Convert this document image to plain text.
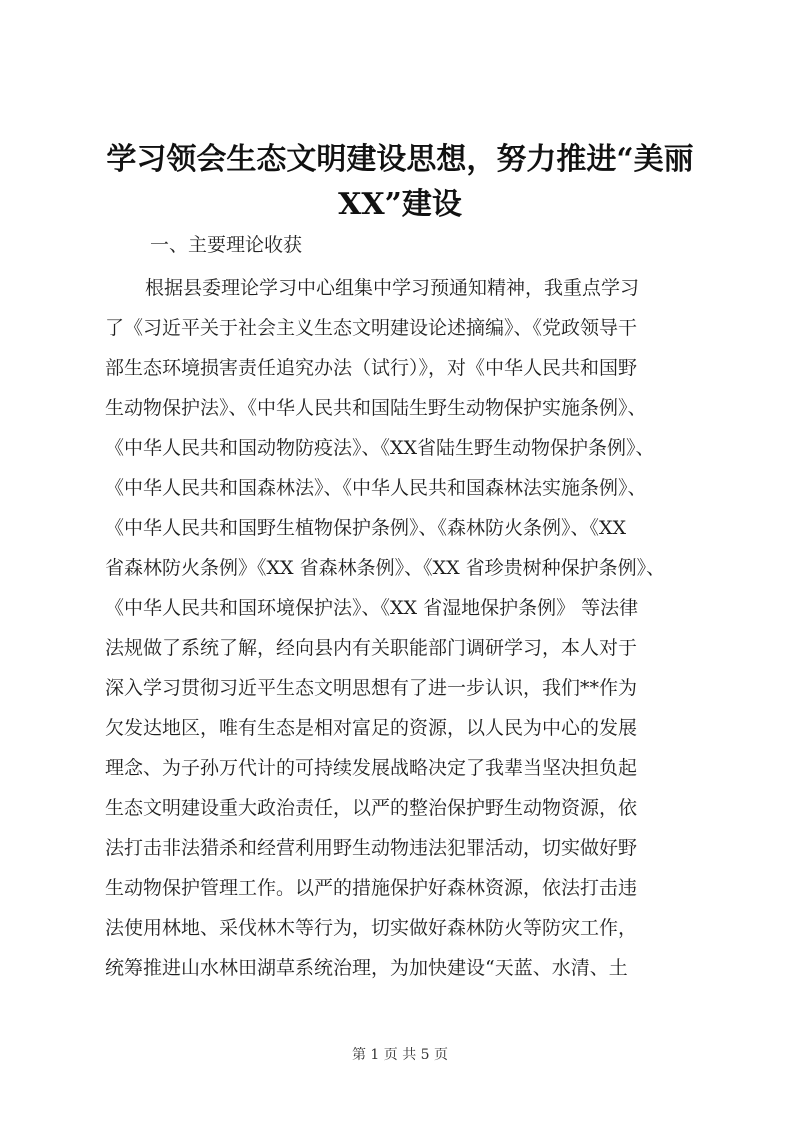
学习领会生态文明建设思想，努力推进“美丽
XX”建设
一、主要理论收获
根据县委理论学习中心组集中学习预通知精神，我重点学习
了《习近平关于社会主义生态文明建设论述摘编》、《党政领导干
部生态环境损害责任追究办法（试行）》，对《中华人民共和国野
生动物保护法》、《中华人民共和国陆生野生动物保护实施条例》、
《中华人民共和国动物防疫法》、《XX省陆生野生动物保护条例》、
《中华人民共和国森林法》、《中华人民共和国森林法实施条例》、
《中华人民共和国野生植物保护条例》、《森林防火条例》、《XX
省森林防火条例》《XX 省森林条例》、《XX 省珍贵树种保护条例》、
《中华人民共和国环境保护法》、《XX 省湿地保护条例》 等法律
法规做了系统了解，经向县内有关职能部门调研学习，本人对于
深入学习贯彻习近平生态文明思想有了进一步认识，我们**作为
欠发达地区，唯有生态是相对富足的资源，以人民为中心的发展
理念、为子孙万代计的可持续发展战略决定了我辈当坚决担负起
生态文明建设重大政治责任，以严的整治保护野生动物资源，依
法打击非法猎杀和经营利用野生动物违法犯罪活动，切实做好野
生动物保护管理工作。以严的措施保护好森林资源，依法打击违
法使用林地、采伐林木等行为，切实做好森林防火等防灾工作，
统筹推进山水林田湖草系统治理，为加快建设“天蓝、水清、土
第 1 页 共 5 页
